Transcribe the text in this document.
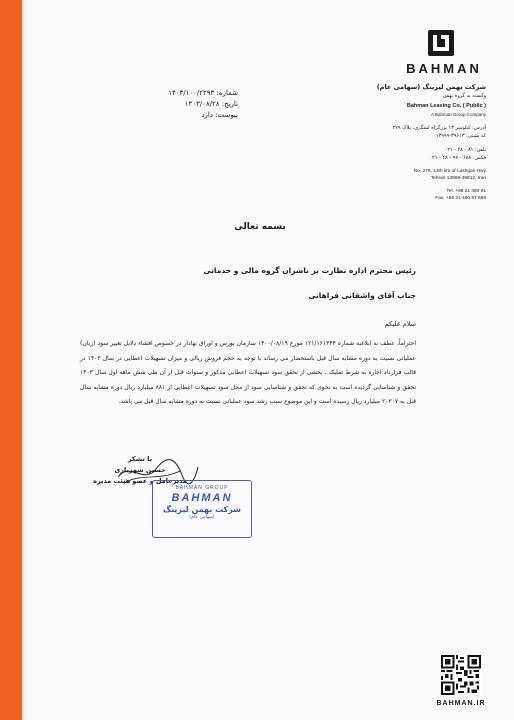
BAHMAN
شرکت بهمن لیزینگ (سهامی عام)
وابسته به گروه بهمن
Bahman Leasing Co. ( Public )
A Bahman Group Company
آدرس: کیلومتر ۱۳ بزرگراه لشگری، پلاک ۲۷۹
کد پستی: ۳۹۶۱۳-۱۳۹۹۹
تلفن: ۸۱ - ۴۸ - ۰۲۱
فکس: ۶۸۸ - ۹۷ - ۴۸ - ۰۲۱
No. 279, 13th km of Lashgari Hwy
Tehran 13999-39612, Iran
Tel. +98 21 480 81
Fax. +98 21 480 97 688
شماره: ۱۴۰۳/۱۰۰/۲۲۹۳
تاریخ: ۱۴۰۳/۰۸/۲۸
پیوست: دارد
بسمه تعالی
رئیس محترم اداره نظارت بر ناشران گروه مالی و خدماتی
جناب آقای واشقانی فراهانی
سلام علیکم
احتراماً، عطف به ابلاغیه شماره ۱۲۱/۱۶۱۳۴۴ مورخ ۱۴۰۰/۰۸/۱۹ سازمان بورس و اوراق بهادار در خصوص افشاء دلایل تغییر سود (زیان) عملیاتی نسبت به دوره مشابه سال قبل باستحضار می رساند با توجه به حجم فروش ریالی و میزان تسهیلات اعطایی در سال ۱۴۰۳ در قالب قرارداد اجاره به شرط تملیک ، بخشی از تحقق سود تسهیلات اعطایی مذکور و سنوات قبل از آن طی شش ماهه اول سال ۱۴۰۳ تحقق و شناسایی گردیده است به نحوی که تحقق و شناسایی سود از محل سود تسهیلات اعطایی از ۸۸۱ میلیارد ریال دوره مشابه سال قبل به ۲۰۳۰۷ میلیارد ریال رسیده است و این موضوع سبب رشد سود عملیاتی نسبت به دوره مشابه سال قبل می باشد.
با تشکر
حسین شهریاری
مدیرعامل و عضو هیئت مدیره
BAHMAN GROUP
BAHMAN
شرکت بهمن لیزینگ
(سهامی عام)
BAHMAN.IR
